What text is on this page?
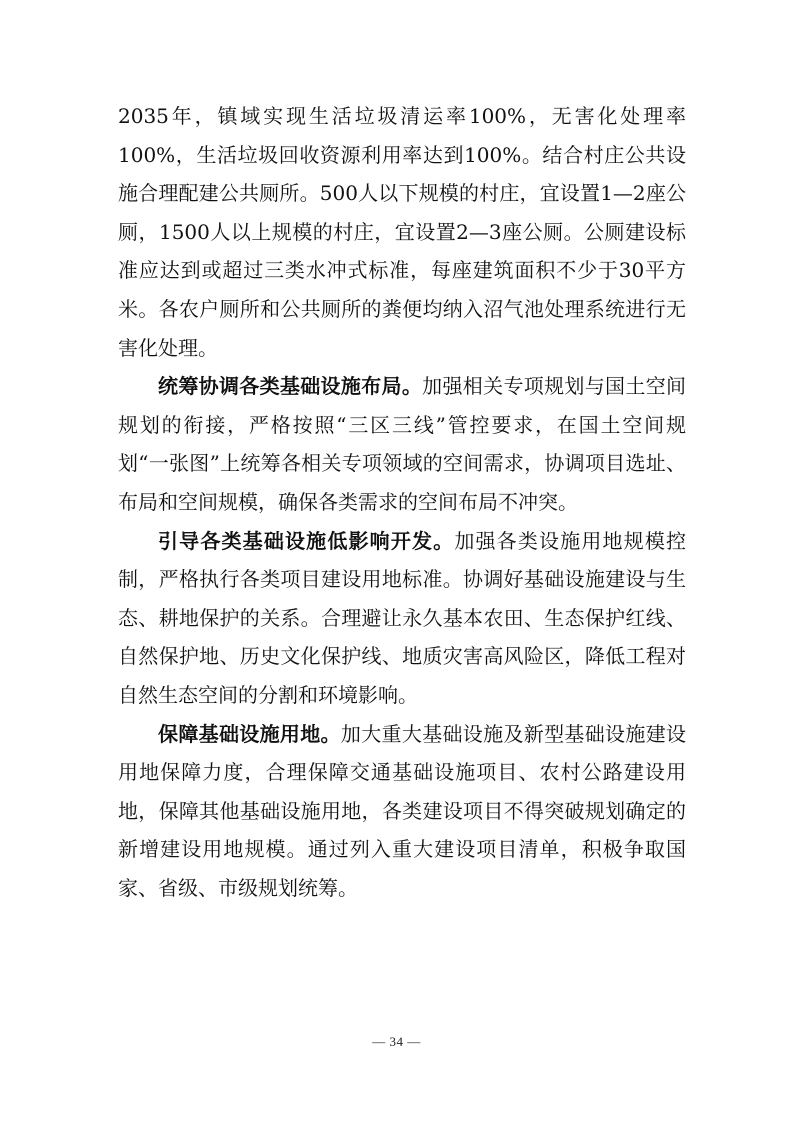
2035年，镇域实现生活垃圾清运率100%，无害化处理率100%，生活垃圾回收资源利用率达到100%。结合村庄公共设施合理配建公共厕所。500人以下规模的村庄，宜设置1—2座公厕，1500人以上规模的村庄，宜设置2—3座公厕。公厕建设标准应达到或超过三类水冲式标准，每座建筑面积不少于30平方米。各农户厕所和公共厕所的粪便均纳入沼气池处理系统进行无害化处理。

统筹协调各类基础设施布局。加强相关专项规划与国土空间规划的衔接，严格按照“三区三线”管控要求，在国土空间规划“一张图”上统筹各相关专项领域的空间需求，协调项目选址、布局和空间规模，确保各类需求的空间布局不冲突。

引导各类基础设施低影响开发。加强各类设施用地规模控制，严格执行各类项目建设用地标准。协调好基础设施建设与生态、耕地保护的关系。合理避让永久基本农田、生态保护红线、自然保护地、历史文化保护线、地质灾害高风险区，降低工程对自然生态空间的分割和环境影响。

保障基础设施用地。加大重大基础设施及新型基础设施建设用地保障力度，合理保障交通基础设施项目、农村公路建设用地，保障其他基础设施用地，各类建设项目不得突破规划确定的新增建设用地规模。通过列入重大建设项目清单，积极争取国家、省级、市级规划统筹。

— 34 —
